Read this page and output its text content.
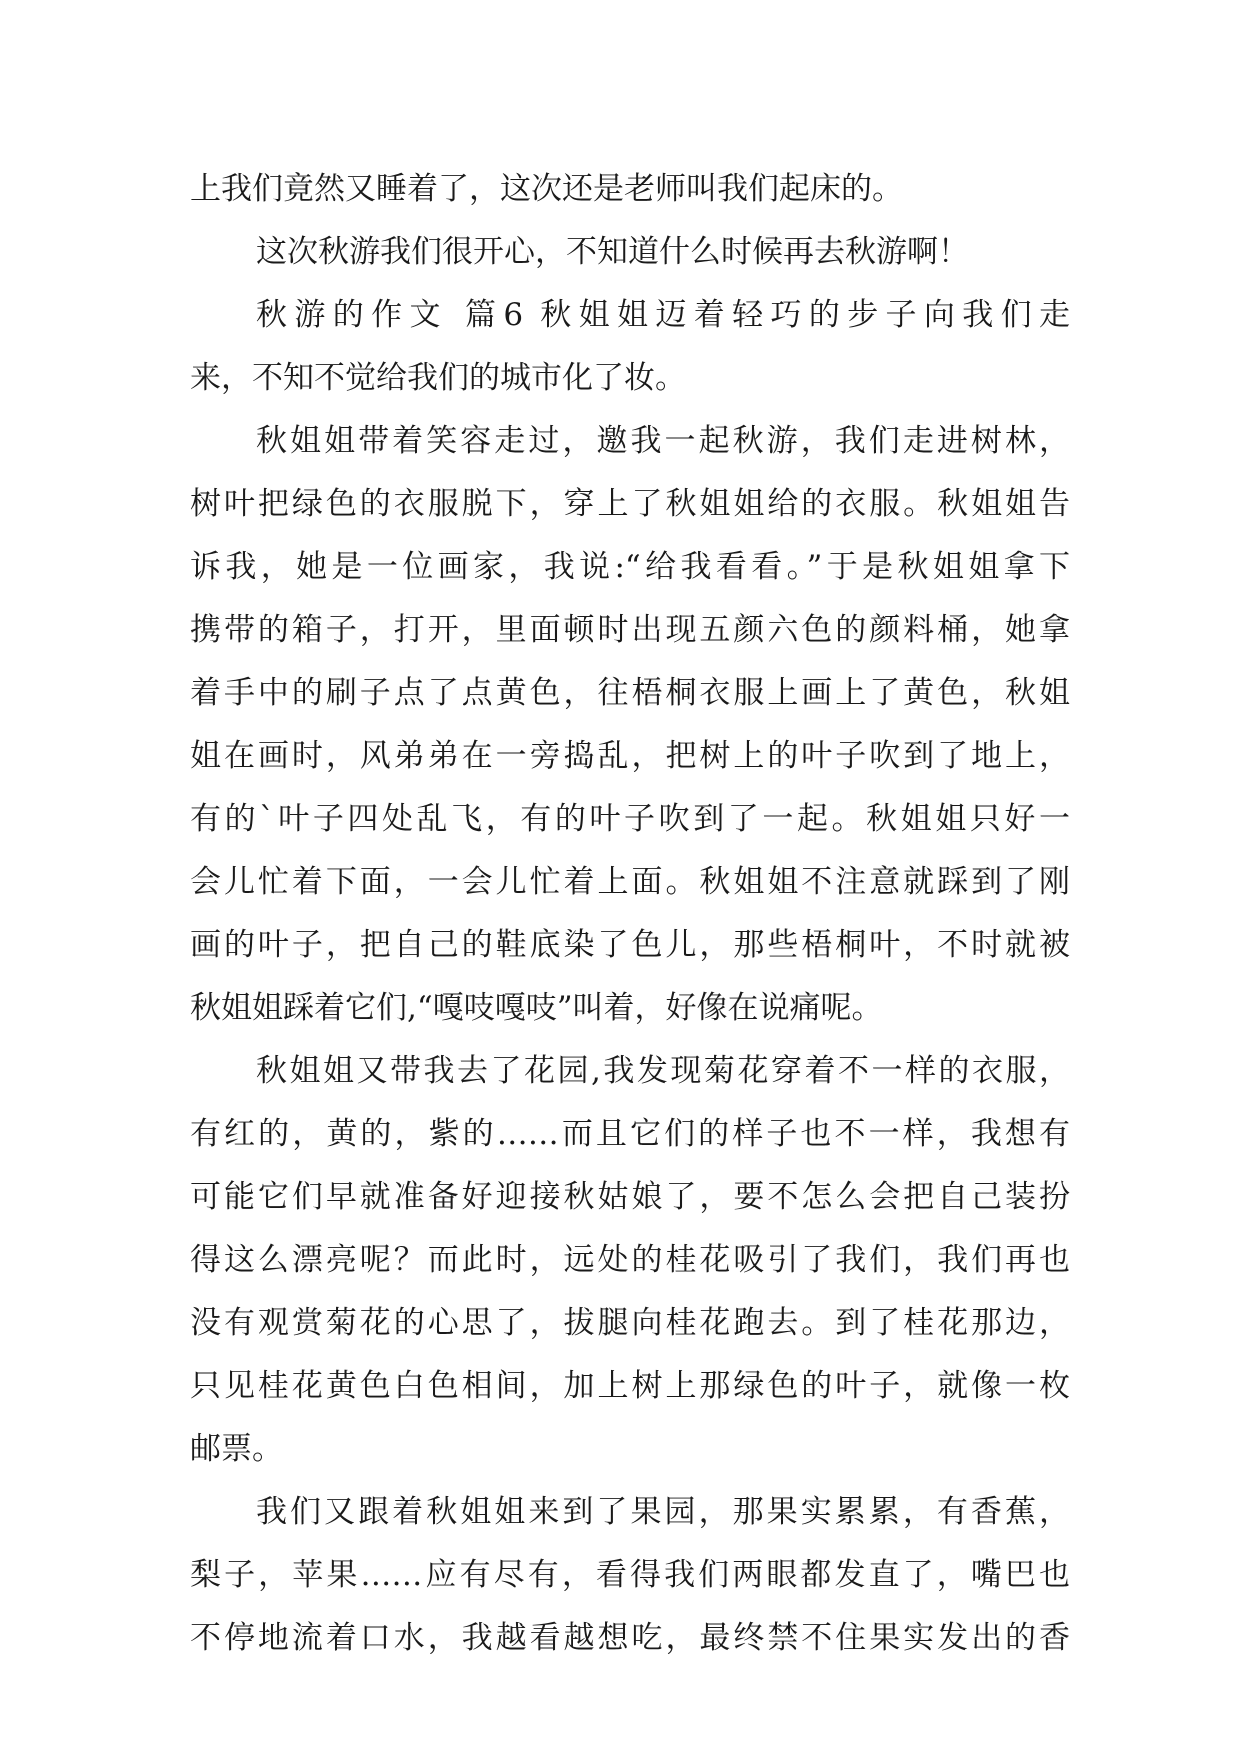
上我们竟然又睡着了，这次还是老师叫我们起床的。
这次秋游我们很开心，不知道什么时候再去秋游啊！
秋游的作文 篇6 秋姐姐迈着轻巧的步子向我们走
来，不知不觉给我们的城市化了妆。
秋姐姐带着笑容走过，邀我一起秋游，我们走进树林，
树叶把绿色的衣服脱下，穿上了秋姐姐给的衣服。秋姐姐告
诉我，她是一位画家，我说:“给我看看。”于是秋姐姐拿下
携带的箱子，打开，里面顿时出现五颜六色的颜料桶，她拿
着手中的刷子点了点黄色，往梧桐衣服上画上了黄色，秋姐
姐在画时，风弟弟在一旁捣乱，把树上的叶子吹到了地上，
有的`叶子四处乱飞，有的叶子吹到了一起。秋姐姐只好一
会儿忙着下面，一会儿忙着上面。秋姐姐不注意就踩到了刚
画的叶子，把自己的鞋底染了色儿，那些梧桐叶，不时就被
秋姐姐踩着它们,“嘎吱嘎吱”叫着，好像在说痛呢。
秋姐姐又带我去了花园,我发现菊花穿着不一样的衣服，
有红的，黄的，紫的……而且它们的样子也不一样，我想有
可能它们早就准备好迎接秋姑娘了，要不怎么会把自己装扮
得这么漂亮呢？而此时，远处的桂花吸引了我们，我们再也
没有观赏菊花的心思了，拔腿向桂花跑去。到了桂花那边，
只见桂花黄色白色相间，加上树上那绿色的叶子，就像一枚
邮票。
我们又跟着秋姐姐来到了果园，那果实累累，有香蕉，
梨子，苹果……应有尽有，看得我们两眼都发直了，嘴巴也
不停地流着口水，我越看越想吃，最终禁不住果实发出的香
